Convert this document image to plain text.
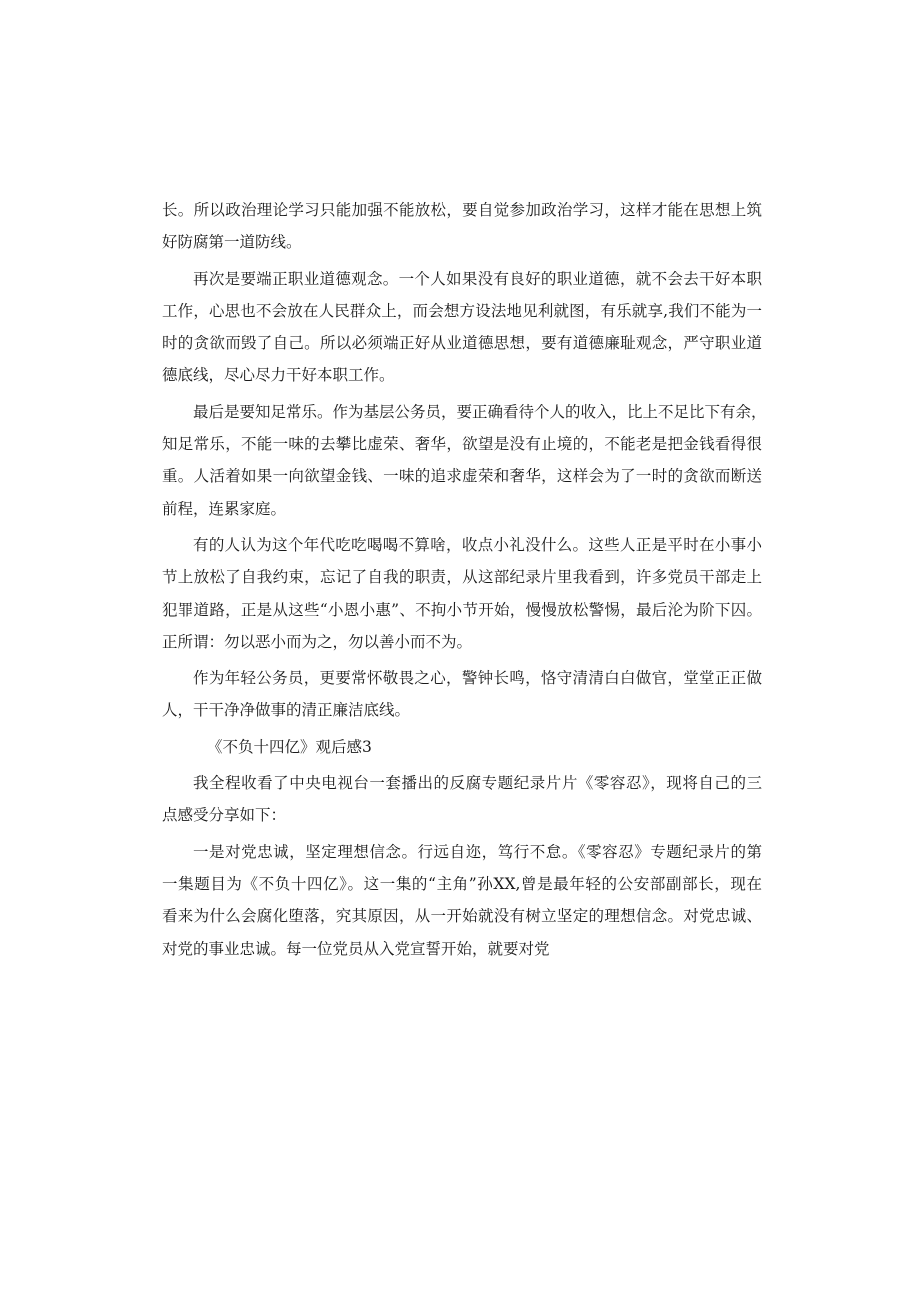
长。所以政治理论学习只能加强不能放松，要自觉参加政治学习，这样才能在思想上筑
好防腐第一道防线。
再次是要端正职业道德观念。一个人如果没有良好的职业道德，就不会去干好本职
工作，心思也不会放在人民群众上，而会想方设法地见利就图，有乐就享,我们不能为一
时的贪欲而毁了自己。所以必须端正好从业道德思想，要有道德廉耻观念，严守职业道
德底线，尽心尽力干好本职工作。
最后是要知足常乐。作为基层公务员，要正确看待个人的收入，比上不足比下有余，
知足常乐，不能一味的去攀比虚荣、奢华，欲望是没有止境的，不能老是把金钱看得很
重。人活着如果一向欲望金钱、一味的追求虚荣和奢华，这样会为了一时的贪欲而断送
前程，连累家庭。
有的人认为这个年代吃吃喝喝不算啥，收点小礼没什么。这些人正是平时在小事小
节上放松了自我约束，忘记了自我的职责，从这部纪录片里我看到，许多党员干部走上
犯罪道路，正是从这些“小恩小惠”、不拘小节开始，慢慢放松警惕，最后沦为阶下囚。
正所谓：勿以恶小而为之，勿以善小而不为。
作为年轻公务员，更要常怀敬畏之心，警钟长鸣，恪守清清白白做官，堂堂正正做
人，干干净净做事的清正廉洁底线。
《不负十四亿》观后感3
我全程收看了中央电视台一套播出的反腐专题纪录片片《零容忍》，现将自己的三
点感受分享如下：
一是对党忠诚，坚定理想信念。行远自迩，笃行不怠。《零容忍》专题纪录片的第
一集题目为《不负十四亿》。这一集的“主角”孙XX,曾是最年轻的公安部副部长，现在
看来为什么会腐化堕落，究其原因，从一开始就没有树立坚定的理想信念。对党忠诚、
对党的事业忠诚。每一位党员从入党宣誓开始，就要对党
